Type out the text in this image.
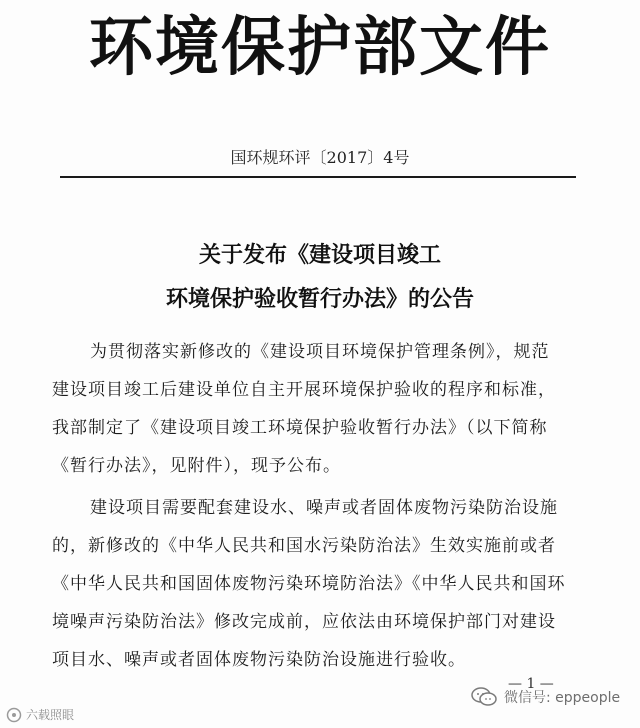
环境保护部文件
国环规环评〔2017〕4号
关于发布《建设项目竣工
环境保护验收暂行办法》的公告
为贯彻落实新修改的《建设项目环境保护管理条例》，规范
建设项目竣工后建设单位自主开展环境保护验收的程序和标准，
我部制定了《建设项目竣工环境保护验收暂行办法》（以下简称
《暂行办法》，见附件），现予公布。
建设项目需要配套建设水、噪声或者固体废物污染防治设施
的，新修改的《中华人民共和国水污染防治法》生效实施前或者
《中华人民共和国固体废物污染环境防治法》《中华人民共和国环
境噪声污染防治法》修改完成前，应依法由环境保护部门对建设
项目水、噪声或者固体废物污染防治设施进行验收。
— 1 —
六载照眼
微信号: eppeople
